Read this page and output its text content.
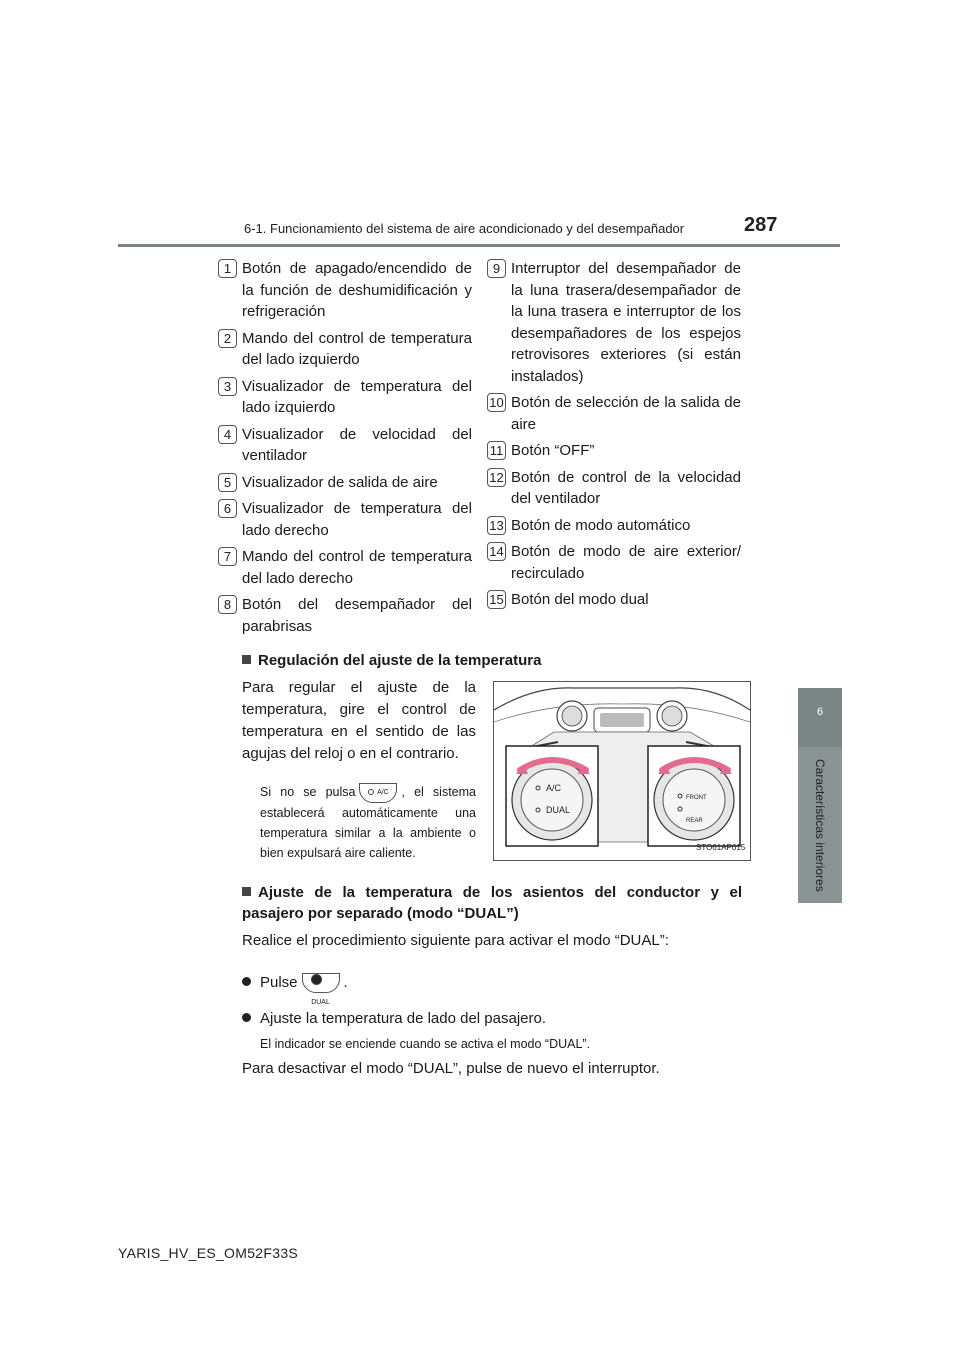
6-1. Funcionamiento del sistema de aire acondicionado y del desempañador	287
6
Características interiores
1 Botón de apagado/encendido de la función de deshumidificación y refrigeración
2 Mando del control de temperatura del lado izquierdo
3 Visualizador de temperatura del lado izquierdo
4 Visualizador de velocidad del ventilador
5 Visualizador de salida de aire
6 Visualizador de temperatura del lado derecho
7 Mando del control de temperatura del lado derecho
8 Botón del desempañador del parabrisas
9 Interruptor del desempañador de la luna trasera/desempañador de la luna trasera e interruptor de los desempañadores de los espejos retrovisores exteriores (si están instalados)
10 Botón de selección de la salida de aire
11 Botón “OFF”
12 Botón de control de la velocidad del ventilador
13 Botón de modo automático
14 Botón de modo de aire exterior/ recirculado
15 Botón del modo dual
Regulación del ajuste de la temperatura
Para regular el ajuste de la temperatura, gire el control de temperatura en el sentido de las agujas del reloj o en el contrario.
Si no se pulsa	A/C , el sistema establecerá automáticamente una temperatura similar a la ambiente o bien expulsará aire caliente.
A/C
DUAL
FRONT
REAR
STO61AP015
Ajuste de la temperatura de los asientos del conductor y el pasajero por separado (modo “DUAL”)
Realice el procedimiento siguiente para activar el modo “DUAL”:
PulseDUAL.
Ajuste la temperatura de lado del pasajero.
El indicador se enciende cuando se activa el modo “DUAL”.
Para desactivar el modo “DUAL”, pulse de nuevo el interruptor.
YARIS_HV_ES_OM52F33S
